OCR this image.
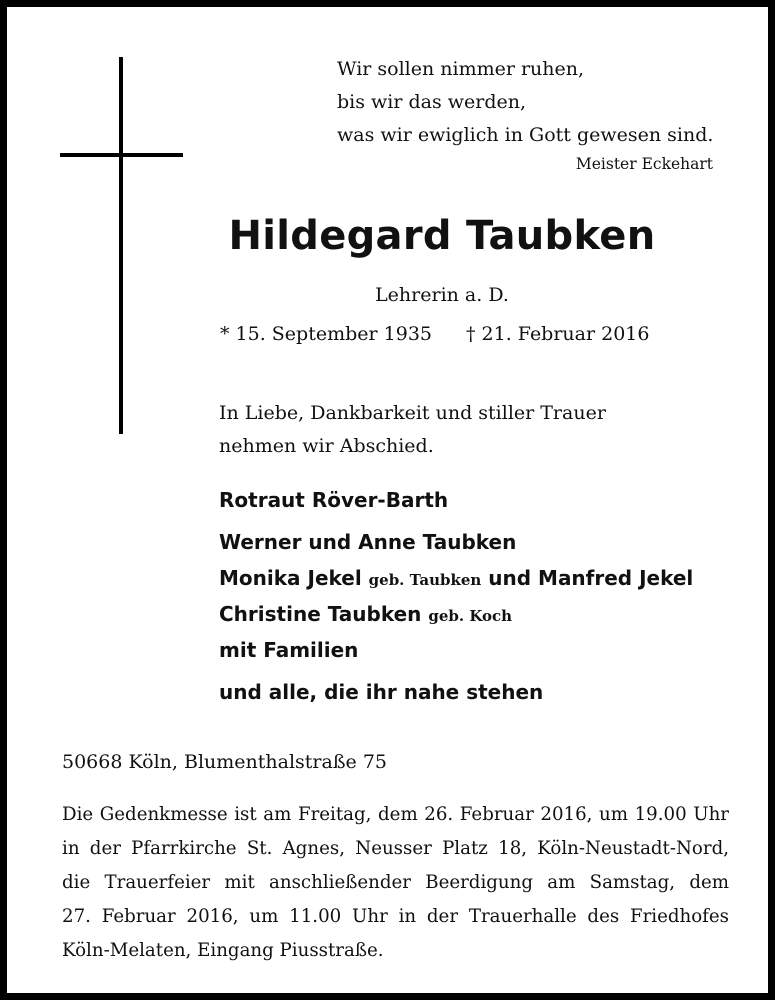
Wir sollen nimmer ruhen,
bis wir das werden,
was wir ewiglich in Gott gewesen sind.
Meister Eckehart
Hildegard Taubken
Lehrerin a. D.
* 15. September 1935 † 21. Februar 2016
In Liebe, Dankbarkeit und stiller Trauer
nehmen wir Abschied.
Rotraut Röver-Barth
Werner und Anne Taubken
Monika Jekel geb. Taubken und Manfred Jekel
Christine Taubken geb. Koch
mit Familien
und alle, die ihr nahe stehen
50668 Köln, Blumenthalstraße 75
Die Gedenkmesse ist am Freitag, dem 26. Februar 2016, um 19.00 Uhr
in der Pfarrkirche St. Agnes, Neusser Platz 18, Köln-Neustadt-Nord,
die Trauerfeier mit anschließender Beerdigung am Samstag, dem
27. Februar 2016, um 11.00 Uhr in der Trauerhalle des Friedhofes
Köln-Melaten, Eingang Piusstraße.
